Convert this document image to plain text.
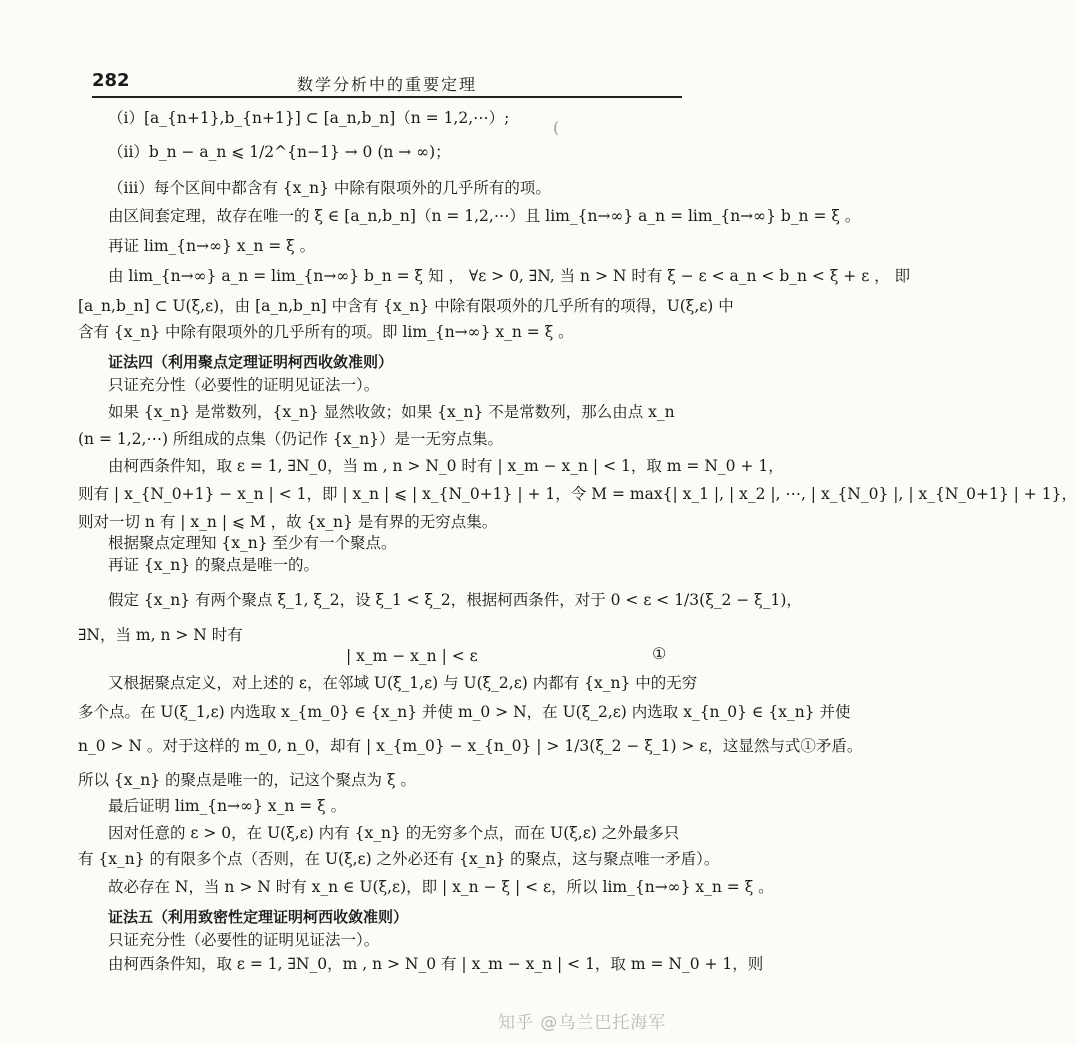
282	数学分析中的重要定理
(
（i）[a_{n+1},b_{n+1}] ⊂ [a_n,b_n]（n = 1,2,⋯）;
（ii）b_n − a_n ⩽ 1/2^{n−1} → 0 (n → ∞)；
（iii）每个区间中都含有 {x_n} 中除有限项外的几乎所有的项。
由区间套定理，故存在唯一的 ξ ∈ [a_n,b_n]（n = 1,2,⋯）且 lim_{n→∞} a_n = lim_{n→∞} b_n = ξ 。
再证 lim_{n→∞} x_n = ξ 。
由 lim_{n→∞} a_n = lim_{n→∞} b_n = ξ 知 ， ∀ε > 0, ∃N, 当 n > N 时有 ξ − ε < a_n < b_n < ξ + ε ， 即
[a_n,b_n] ⊂ U(ξ,ε)，由 [a_n,b_n] 中含有 {x_n} 中除有限项外的几乎所有的项得，U(ξ,ε) 中
含有 {x_n} 中除有限项外的几乎所有的项。即 lim_{n→∞} x_n = ξ 。
证法四（利用聚点定理证明柯西收敛准则）
只证充分性（必要性的证明见证法一）。
如果 {x_n} 是常数列，{x_n} 显然收敛；如果 {x_n} 不是常数列，那么由点 x_n
(n = 1,2,⋯) 所组成的点集（仍记作 {x_n}）是一无穷点集。
由柯西条件知，取 ε = 1, ∃N_0，当 m , n > N_0 时有 | x_m − x_n | < 1，取 m = N_0 + 1，
则有 | x_{N_0+1} − x_n | < 1，即 | x_n | ⩽ | x_{N_0+1} | + 1，令 M = max{| x_1 |, | x_2 |, ⋯, | x_{N_0} |, | x_{N_0+1} | + 1}，
则对一切 n 有 | x_n | ⩽ M ，故 {x_n} 是有界的无穷点集。
根据聚点定理知 {x_n} 至少有一个聚点。
再证 {x_n} 的聚点是唯一的。
假定 {x_n} 有两个聚点 ξ_1, ξ_2，设 ξ_1 < ξ_2，根据柯西条件，对于 0 < ε < 1/3(ξ_2 − ξ_1)，
∃N，当 m, n > N 时有
| x_m − x_n | < ε	①
又根据聚点定义，对上述的 ε，在邻域 U(ξ_1,ε) 与 U(ξ_2,ε) 内都有 {x_n} 中的无穷
多个点。在 U(ξ_1,ε) 内选取 x_{m_0} ∈ {x_n} 并使 m_0 > N，在 U(ξ_2,ε) 内选取 x_{n_0} ∈ {x_n} 并使
n_0 > N 。对于这样的 m_0, n_0，却有 | x_{m_0} − x_{n_0} | > 1/3(ξ_2 − ξ_1) > ε，这显然与式①矛盾。
所以 {x_n} 的聚点是唯一的，记这个聚点为 ξ 。
最后证明 lim_{n→∞} x_n = ξ 。
因对任意的 ε > 0，在 U(ξ,ε) 内有 {x_n} 的无穷多个点，而在 U(ξ,ε) 之外最多只
有 {x_n} 的有限多个点（否则，在 U(ξ,ε) 之外必还有 {x_n} 的聚点，这与聚点唯一矛盾）。
故必存在 N，当 n > N 时有 x_n ∈ U(ξ,ε)，即 | x_n − ξ | < ε，所以 lim_{n→∞} x_n = ξ 。
证法五（利用致密性定理证明柯西收敛准则）
只证充分性（必要性的证明见证法一）。
由柯西条件知，取 ε = 1, ∃N_0，m , n > N_0 有 | x_m − x_n | < 1，取 m = N_0 + 1，则
知乎 @乌兰巴托海军
